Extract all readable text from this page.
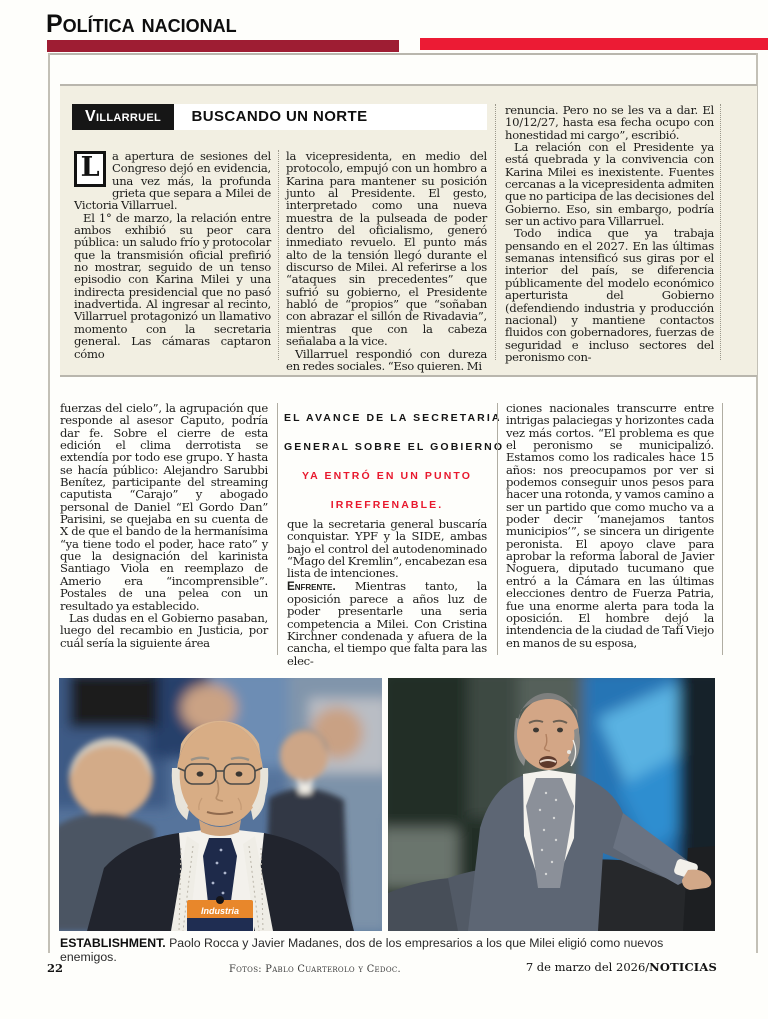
Política nacional
BUSCANDO UN NORTE
Villarruel

L	a apertura de sesiones del Congreso dejó en evidencia, una vez más, la profunda grieta que separa a Milei de Victoria Villarruel.

El 1° de marzo, la relación entre ambos exhibió su peor cara pública: un saludo frío y protocolar que la transmisión oficial prefirió no mostrar, seguido de un tenso episodio con Karina Milei y una indirecta presidencial que no pasó inadvertida. Al ingresar al recinto, Villarruel protagonizó un llamativo momento con la secretaria general. Las cámaras captaron cómo

la vicepresidenta, en medio del protocolo, empujó con un hombro a Karina para mantener su posición junto al Presidente. El gesto, interpretado como una nueva muestra de la pulseada de poder dentro del oficialismo, generó inmediato revuelo. El punto más alto de la tensión llegó durante el discurso de Milei. Al referirse a los “ataques sin precedentes” que sufrió su gobierno, el Presidente habló de “propios” que “soñaban con abrazar el sillón de Rivadavia”, mientras que con la cabeza señalaba a la vice.

Villarruel respondió con dureza en redes sociales. “Eso quieren. Mi

renuncia. Pero no se les va a dar. El 10/12/27, hasta esa fecha ocupo con honestidad mi cargo”, escribió.

La relación con el Presidente ya está quebrada y la convivencia con Karina Milei es inexistente. Fuentes cercanas a la vicepresidenta admiten que no participa de las decisiones del Gobierno. Eso, sin embargo, podría ser un activo para Villarruel.

Todo indica que ya trabaja pensando en el 2027. En las últimas semanas intensificó sus giras por el interior del país, se diferencia públicamente del modelo económico aperturista del Gobierno (defendiendo industria y producción nacional) y mantiene contactos fluidos con gobernadores, fuerzas de seguridad e incluso sectores del peronismo con-

fuerzas del cielo”, la agrupación que responde al asesor Caputo, podría dar fe. Sobre el cierre de esta edición el clima derrotista se extendía por todo ese grupo. Y hasta se hacía público: Alejandro Sarubbi Benítez, participante del streaming caputista “Carajo” y abogado personal de Daniel “El Gordo Dan” Parisini, se quejaba en su cuenta de X de que el bando de la hermanísima “ya tiene todo el poder, hace rato” y que la designación del karinista Santiago Viola en reemplazo de Amerio era “incomprensible”. Postales de una pelea con un resultado ya establecido.

Las dudas en el Gobierno pasaban, luego del recambio en Justicia, por cuál sería la siguiente área

EL AVANCE DE LA SECRETARIA
GENERAL SOBRE EL GOBIERNO
YA ENTRÓ EN UN PUNTO
IRREFRENABLE.

que la secretaria general buscaría conquistar. YPF y la SIDE, ambas bajo el control del autodenominado “Mago del Kremlin”, encabezan esa lista de intenciones.

Enfrente. Mientras tanto, la oposición parece a años luz de poder presentarle una seria competencia a Milei. Con Cristina Kirchner condenada y afuera de la cancha, el tiempo que falta para las elec-

ciones nacionales transcurre entre intrigas palaciegas y horizontes cada vez más cortos. “El problema es que el peronismo se municipalizó. Estamos como los radicales hace 15 años: nos preocupamos por ver si podemos conseguir unos pesos para hacer una rotonda, y vamos camino a ser un partido que como mucho va a poder decir ‘manejamos tantos municipios’”, se sincera un dirigente peronista. El apoyo clave para aprobar la reforma laboral de Javier Noguera, diputado tucumano que entró a la Cámara en las últimas elecciones dentro de Fuerza Patria, fue una enorme alerta para toda la oposición. El hombre dejó la intendencia de la ciudad de Tafí Viejo en manos de su esposa,

Industria
ESTABLISHMENT. Paolo Rocca y Javier Madanes, dos de los empresarios a los que Milei eligió como nuevos enemigos.
22	Fotos: Pablo Cuarterolo y Cedoc.	7 de marzo del 2026/NOTICIAS
